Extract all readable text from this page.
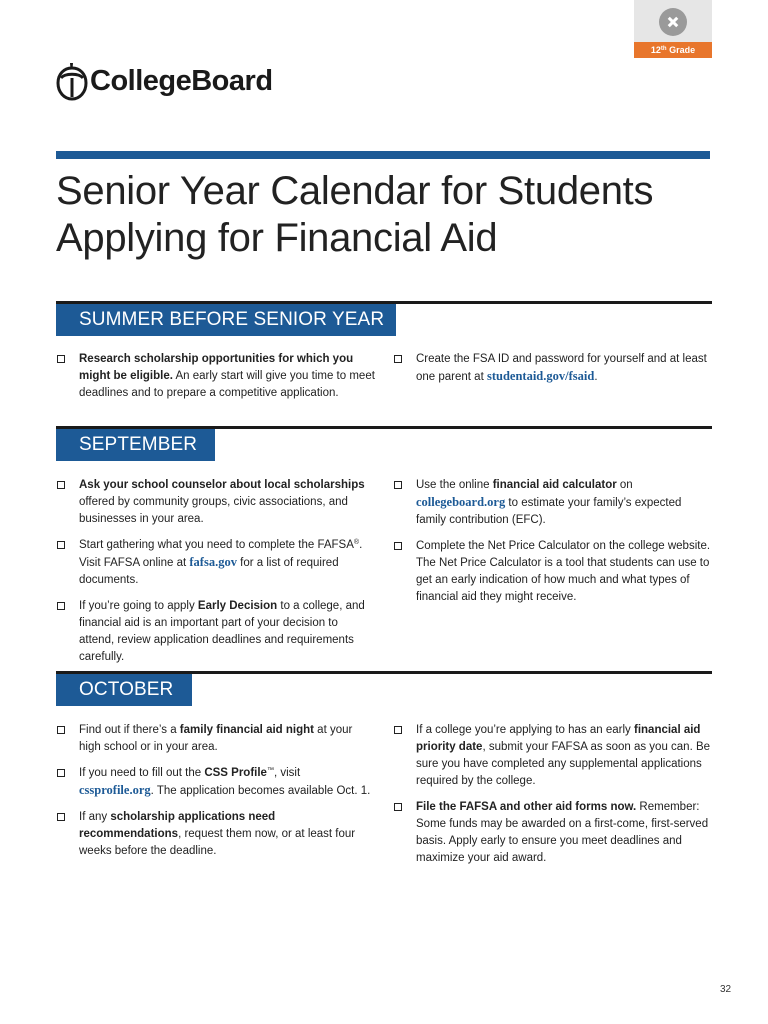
12th Grade
CollegeBoard
Senior Year Calendar for Students
Applying for Financial Aid
SUMMER BEFORE SENIOR YEAR
Research scholarship opportunities for which you might be eligible. An early start will give you time to meet deadlines and to prepare a competitive application.
Create the FSA ID and password for yourself and at least one parent at studentaid.gov/fsaid.
SEPTEMBER
Ask your school counselor about local scholarships offered by community groups, civic associations, and businesses in your area.
Start gathering what you need to complete the FAFSA®. Visit FAFSA online at fafsa.gov for a list of required documents.
If you’re going to apply Early Decision to a college, and financial aid is an important part of your decision to attend, review application deadlines and requirements carefully.
Use the online financial aid calculator on
collegeboard.org to estimate your family’s expected family contribution (EFC).
Complete the Net Price Calculator on the college website. The Net Price Calculator is a tool that students can use to get an early indication of how much and what types of financial aid they might receive.
OCTOBER
Find out if there’s a family financial aid night at your high school or in your area.
If you need to fill out the CSS Profile™, visit
cssprofile.org. The application becomes available Oct. 1.
If any scholarship applications need recommendations, request them now, or at least four weeks before the deadline.
If a college you’re applying to has an early financial aid priority date, submit your FAFSA as soon as you can. Be sure you have completed any supplemental applications required by the college.
File the FAFSA and other aid forms now. Remember: Some funds may be awarded on a first-come, first-served basis. Apply early to ensure you meet deadlines and maximize your aid award.
32
